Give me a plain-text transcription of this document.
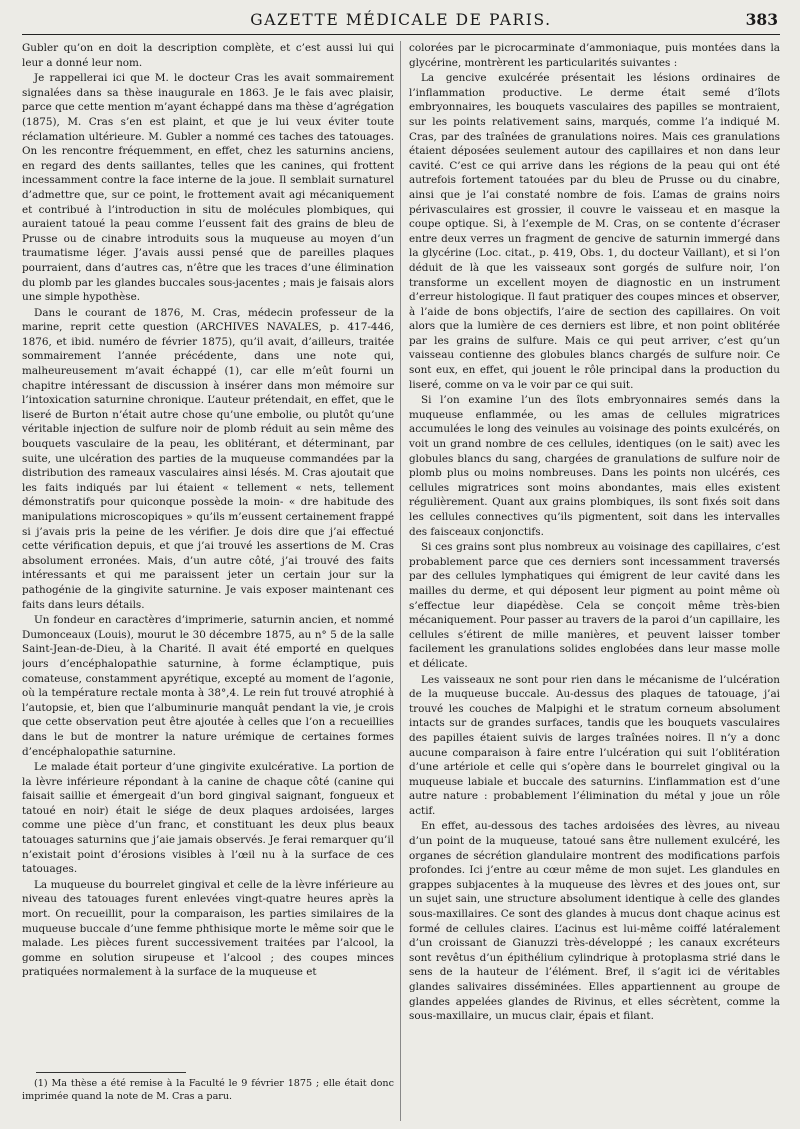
GAZETTE MÉDICALE DE PARIS.	383

Gubler qu’on en doit la description complète, et c’est aussi lui qui leur a donné leur nom.

Je rappellerai ici que M. le docteur Cras les avait sommairement signalées dans sa thèse inaugurale en 1863. Je le fais avec plaisir, parce que cette mention m’ayant échappé dans ma thèse d’agrégation (1875), M. Cras s’en est plaint, et que je lui veux éviter toute réclamation ultérieure. M. Gubler a nommé ces taches des tatouages. On les rencontre fréquemment, en effet, chez les saturnins anciens, en regard des dents saillantes, telles que les canines, qui frottent incessamment contre la face interne de la joue. Il semblait surnaturel d’admettre que, sur ce point, le frottement avait agi mécaniquement et contribué à l’introduction in situ de molécules plombiques, qui auraient tatoué la peau comme l’eussent fait des grains de bleu de Prusse ou de cinabre introduits sous la muqueuse au moyen d’un traumatisme léger. J’avais aussi pensé que de pareilles plaques pourraient, dans d’autres cas, n’être que les traces d’une élimination du plomb par les glandes buccales sous-jacentes ; mais je faisais alors une simple hypothèse.

Dans le courant de 1876, M. Cras, médecin professeur de la marine, reprit cette question (ARCHIVES NAVALES, p. 417-446, 1876, et ibid. numéro de février 1875), qu’il avait, d’ailleurs, traitée sommairement l’année précédente, dans une note qui, malheureusement m’avait échappé (1), car elle m’eût fourni un chapitre intéressant de discussion à insérer dans mon mémoire sur l’intoxication saturnine chronique. L’auteur prétendait, en effet, que le liseré de Burton n’était autre chose qu’une embolie, ou plutôt qu’une véritable injection de sulfure noir de plomb réduit au sein même des bouquets vasculaire de la peau, les oblitérant, et déterminant, par suite, une ulcération des parties de la muqueuse commandées par la distribution des rameaux vasculaires ainsi lésés. M. Cras ajoutait que les faits indiqués par lui étaient « tellement « nets, tellement démonstratifs pour quiconque possède la moin- « dre habitude des manipulations microscopiques » qu’ils m’eussent certainement frappé si j’avais pris la peine de les vérifier. Je dois dire que j’ai effectué cette vérification depuis, et que j’ai trouvé les assertions de M. Cras absolument erronées. Mais, d’un autre côté, j’ai trouvé des faits intéressants et qui me paraissent jeter un certain jour sur la pathogénie de la gingivite saturnine. Je vais exposer maintenant ces faits dans leurs détails.

Un fondeur en caractères d’imprimerie, saturnin ancien, et nommé Dumonceaux (Louis), mourut le 30 décembre 1875, au n° 5 de la salle Saint-Jean-de-Dieu, à la Charité. Il avait été emporté en quelques jours d’encéphalopathie saturnine, à forme éclamptique, puis comateuse, constamment apyrétique, excepté au moment de l’agonie, où la température rectale monta à 38°,4. Le rein fut trouvé atrophié à l’autopsie, et, bien que l’albuminurie manquât pendant la vie, je crois que cette observation peut être ajoutée à celles que l’on a recueillies dans le but de montrer la nature urémique de certaines formes d’encéphalopathie saturnine.

Le malade était porteur d’une gingivite exulcérative. La portion de la lèvre inférieure répondant à la canine de chaque côté (canine qui faisait saillie et émergeait d’un bord gingival saignant, fongueux et tatoué en noir) était le siége de deux plaques ardoisées, larges comme une pièce d’un franc, et constituant les deux plus beaux tatouages saturnins que j’aie jamais observés. Je ferai remarquer qu’il n’existait point d’érosions visibles à l’œil nu à la surface de ces tatouages.

La muqueuse du bourrelet gingival et celle de la lèvre inférieure au niveau des tatouages furent enlevées vingt-quatre heures après la mort. On recueillit, pour la comparaison, les parties similaires de la muqueuse buccale d’une femme phthisique morte le même soir que le malade. Les pièces furent successivement traitées par l’alcool, la gomme en solution sirupeuse et l’alcool ; des coupes minces pratiquées normalement à la surface de la muqueuse et

(1) Ma thèse a été remise à la Faculté le 9 février 1875 ; elle était donc imprimée quand la note de M. Cras a paru.

colorées par le picrocarminate d’ammoniaque, puis montées dans la glycérine, montrèrent les particularités suivantes :

La gencive exulcérée présentait les lésions ordinaires de l’inflammation productive. Le derme était semé d’îlots embryonnaires, les bouquets vasculaires des papilles se montraient, sur les points relativement sains, marqués, comme l’a indiqué M. Cras, par des traînées de granulations noires. Mais ces granulations étaient déposées seulement autour des capillaires et non dans leur cavité. C’est ce qui arrive dans les régions de la peau qui ont été autrefois fortement tatouées par du bleu de Prusse ou du cinabre, ainsi que je l’ai constaté nombre de fois. L’amas de grains noirs périvasculaires est grossier, il couvre le vaisseau et en masque la coupe optique. Si, à l’exemple de M. Cras, on se contente d’écraser entre deux verres un fragment de gencive de saturnin immergé dans la glycérine (Loc. citat., p. 419, Obs. 1, du docteur Vaillant), et si l’on déduit de là que les vaisseaux sont gorgés de sulfure noir, l’on transforme un excellent moyen de diagnostic en un instrument d’erreur histologique. Il faut pratiquer des coupes minces et observer, à l’aide de bons objectifs, l’aire de section des capillaires. On voit alors que la lumière de ces derniers est libre, et non point oblitérée par les grains de sulfure. Mais ce qui peut arriver, c’est qu’un vaisseau contienne des globules blancs chargés de sulfure noir. Ce sont eux, en effet, qui jouent le rôle principal dans la production du liseré, comme on va le voir par ce qui suit.

Si l’on examine l’un des îlots embryonnaires semés dans la muqueuse enflammée, ou les amas de cellules migratrices accumulées le long des veinules au voisinage des points exulcérés, on voit un grand nombre de ces cellules, identiques (on le sait) avec les globules blancs du sang, chargées de granulations de sulfure noir de plomb plus ou moins nombreuses. Dans les points non ulcérés, ces cellules migratrices sont moins abondantes, mais elles existent régulièrement. Quant aux grains plombiques, ils sont fixés soit dans les cellules connectives qu’ils pigmentent, soit dans les intervalles des faisceaux conjonctifs.

Si ces grains sont plus nombreux au voisinage des capillaires, c’est probablement parce que ces derniers sont incessamment traversés par des cellules lymphatiques qui émigrent de leur cavité dans les mailles du derme, et qui déposent leur pigment au point même où s’effectue leur diapédèse. Cela se conçoit même très-bien mécaniquement. Pour passer au travers de la paroi d’un capillaire, les cellules s’étirent de mille manières, et peuvent laisser tomber facilement les granulations solides englobées dans leur masse molle et délicate.

Les vaisseaux ne sont pour rien dans le mécanisme de l’ulcération de la muqueuse buccale. Au-dessus des plaques de tatouage, j’ai trouvé les couches de Malpighi et le stratum corneum absolument intacts sur de grandes surfaces, tandis que les bouquets vasculaires des papilles étaient suivis de larges traînées noires. Il n’y a donc aucune comparaison à faire entre l’ulcération qui suit l’oblitération d’une artériole et celle qui s’opère dans le bourrelet gingival ou la muqueuse labiale et buccale des saturnins. L’inflammation est d’une autre nature : probablement l’élimination du métal y joue un rôle actif.

En effet, au-dessous des taches ardoisées des lèvres, au niveau d’un point de la muqueuse, tatoué sans être nullement exulcéré, les organes de sécrétion glandulaire montrent des modifications parfois profondes. Ici j’entre au cœur même de mon sujet. Les glandules en grappes subjacentes à la muqueuse des lèvres et des joues ont, sur un sujet sain, une structure absolument identique à celle des glandes sous-maxillaires. Ce sont des glandes à mucus dont chaque acinus est formé de cellules claires. L’acinus est lui-même coiffé latéralement d’un croissant de Gianuzzi très-développé ; les canaux excréteurs sont revêtus d’un épithélium cylindrique à protoplasma strié dans le sens de la hauteur de l’élément. Bref, il s’agit ici de véritables glandes salivaires disséminées. Elles appartiennent au groupe de glandes appelées glandes de Rivinus, et elles sécrètent, comme la sous-maxillaire, un mucus clair, épais et filant.
